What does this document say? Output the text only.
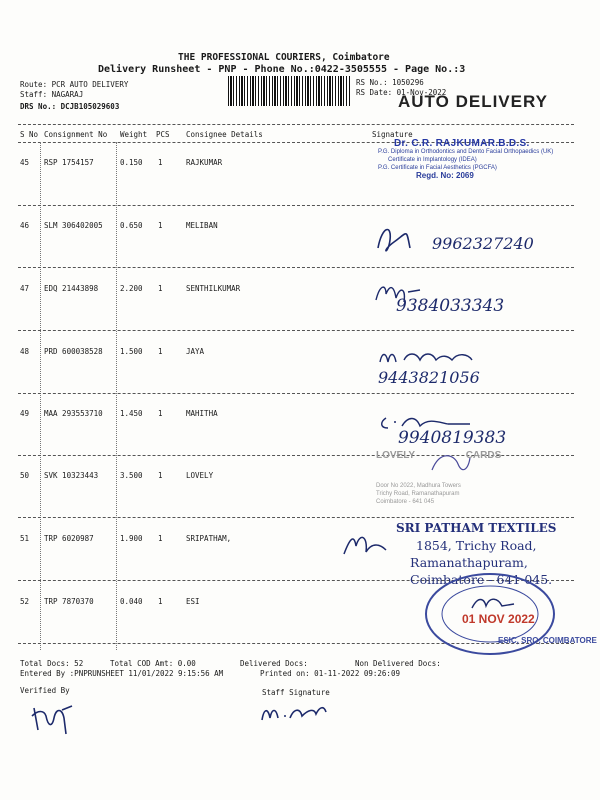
THE PROFESSIONAL COURIERS, Coimbatore
Delivery Runsheet - PNP - Phone No.:0422-3505555 - Page No.:3
Route: PCR AUTO DELIVERY
Staff: NAGARAJ
DRS No.: DCJB105029603
RS No.: 1050296
RS Date: 01-Nov-2022
AUTO DELIVERY
S No Consignment No Weight PCS Consignee Details	Signature
45 RSP 1754157	0.150 1	RAJKUMAR
46 SLM 306402005 0.650 1	MELIBAN
47 EDQ 21443898	2.200 1	SENTHILKUMAR
48 PRD 600038528 1.500 1	JAYA
49 MAA 293553710 1.450 1	MAHITHA
50 SVK 10323443	3.500 1	LOVELY
51 TRP 6020987	1.900 1	SRIPATHAM,
52 TRP 7870370	0.040 1	ESI
Dr. C.R. RAJKUMAR.B.D.S.
P.G. Diploma in Orthodontics and Dento Facial Orthopaedics (UK)
Certificate in Implantology (IDEA)
P.G. Certificate in Facial Aesthetics (PGCFA)
Regd. No: 2069
9962327240
9384033343
9443821056
9940819383
LOVELY	CARDS
Door No 2022, Madhura Towers
Trichy Road, Ramanathapuram
Coimbatore - 641 045
SRI PATHAM TEXTILES
1854, Trichy Road,
Ramanathapuram,
Coimbatore - 641 045.
ESIC, SRO, COIMBATORE
01 NOV 2022
Total Docs: 52	Total COD Amt: 0.00	Delivered Docs:	Non Delivered Docs:
Entered By :PNPRUNSHEET 11/01/2022 9:15:56 AM	Printed on: 01-11-2022 09:26:09
Verified By	Staff Signature
